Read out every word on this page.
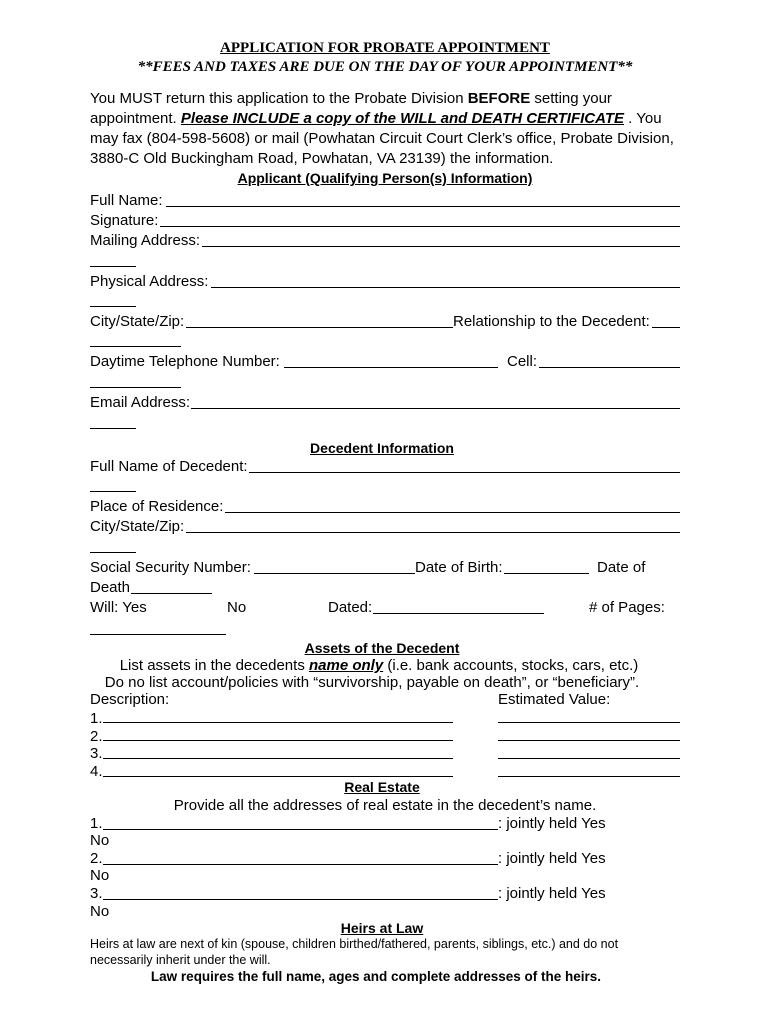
APPLICATION FOR PROBATE APPOINTMENT
**FEES AND TAXES ARE DUE ON THE DAY OF YOUR APPOINTMENT**
You MUST return this application to the Probate Division BEFORE setting your
appointment. Please INCLUDE a copy of the WILL and DEATH CERTIFICATE . You
may fax (804-598-5608) or mail (Powhatan Circuit Court Clerk’s office, Probate Division,
3880-C Old Buckingham Road, Powhatan, VA 23139) the information.
Applicant (Qualifying Person(s) Information)
Full Name:
Signature:
Mailing Address:
Physical Address:
City/State/Zip:	Relationship to the Decedent:
Daytime Telephone Number:	Cell:
Email Address:
Decedent Information
Full Name of Decedent:
Place of Residence:
City/State/Zip:
Social Security Number:	Date of Birth:	Date of
Death
Will: Yes	No	Dated:	# of Pages:
Assets of the Decedent
List assets in the decedents name only (i.e. bank accounts, stocks, cars, etc.)
Do no list account/policies with “survivorship, payable on death”, or “beneficiary”.
Description:	Estimated Value:
1.
2.
3.
4.
Real Estate
Provide all the addresses of real estate in the decedent’s name.
1.	: jointly held Yes
No
2.	: jointly held Yes
No
3.	: jointly held Yes
No
Heirs at Law
Heirs at law are next of kin (spouse, children birthed/fathered, parents, siblings, etc.) and do not
necessarily inherit under the will.
Law requires the full name, ages and complete addresses of the heirs.
